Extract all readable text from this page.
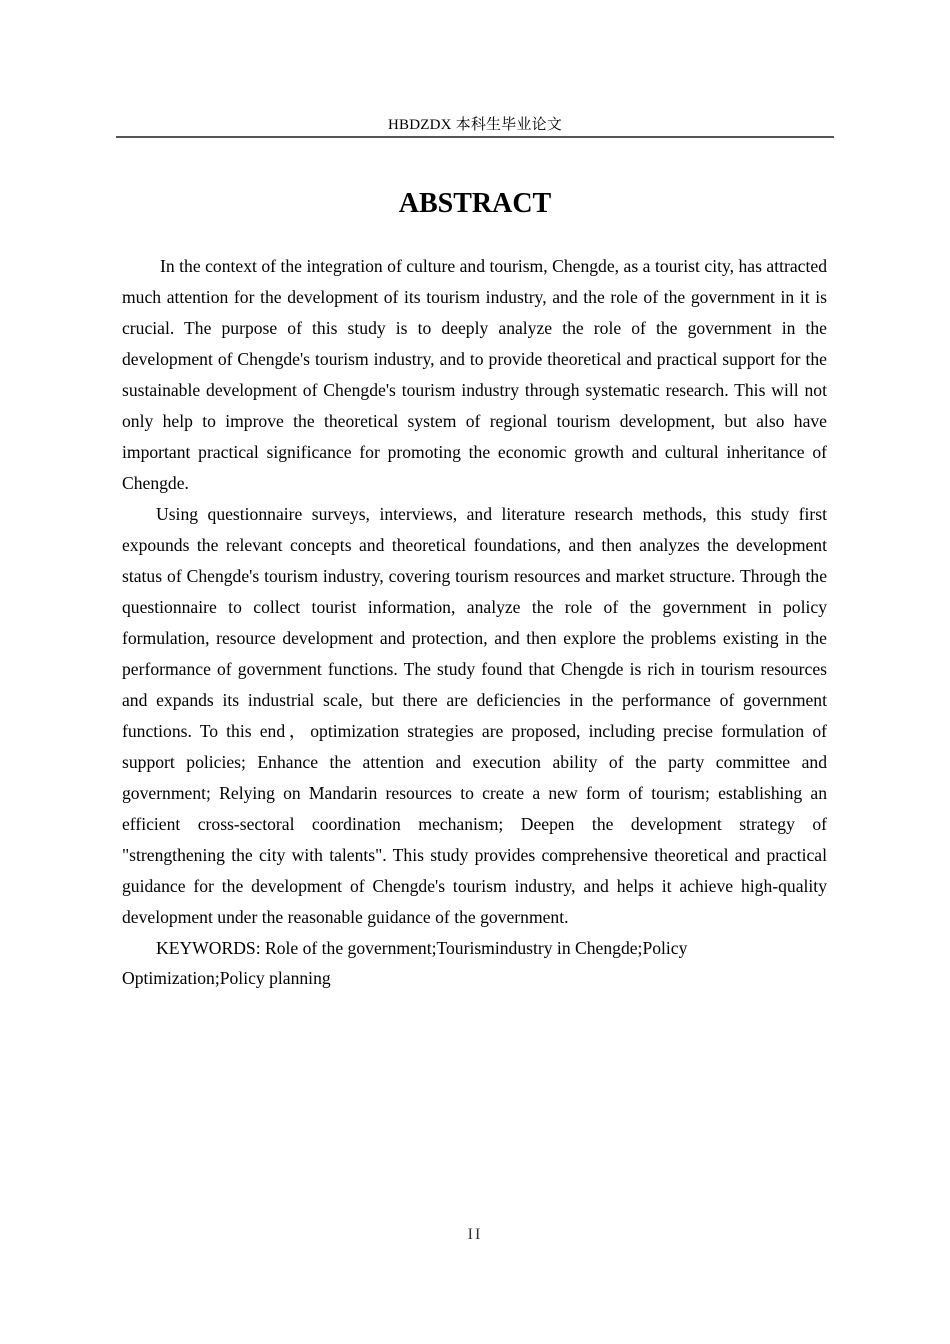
HBDZDX 本科生毕业论文
ABSTRACT

In the context of the integration of culture and tourism, Chengde, as a tourist city, has attracted much attention for the development of its tourism industry, and the role of the government in it is crucial. The purpose of this study is to deeply analyze the role of the government in the development of Chengde's tourism industry, and to provide theoretical and practical support for the sustainable development of Chengde's tourism industry through systematic research. This will not only help to improve the theoretical system of regional tourism development, but also have important practical significance for promoting the economic growth and cultural inheritance of Chengde.

Using questionnaire surveys, interviews, and literature research methods, this study first expounds the relevant concepts and theoretical foundations, and then analyzes the development status of Chengde's tourism industry, covering tourism resources and market structure. Through the questionnaire to collect tourist information, analyze the role of the government in policy formulation, resource development and protection, and then explore the problems existing in the performance of government functions. The study found that Chengde is rich in tourism resources and expands its industrial scale, but there are deficiencies in the performance of government functions. To this end，optimization strategies are proposed, including precise formulation of support policies; Enhance the attention and execution ability of the party committee and government; Relying on Mandarin resources to create a new form of tourism; establishing an efficient cross-sectoral coordination mechanism; Deepen the development strategy of "strengthening the city with talents". This study provides comprehensive theoretical and practical guidance for the development of Chengde's tourism industry, and helps it achieve high-quality development under the reasonable guidance of the government.

KEYWORDS: Role of the government;Tourismindustry in Chengde;Policy
Optimization;Policy planning

II
